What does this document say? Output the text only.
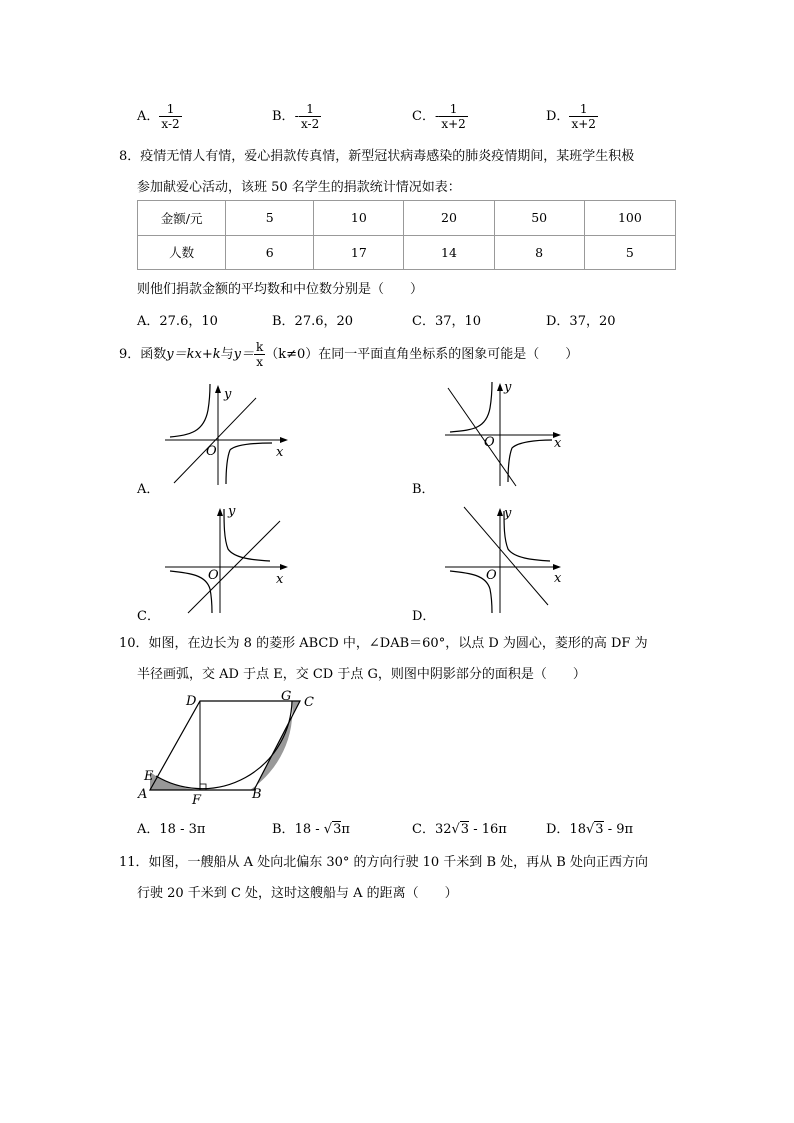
A． $\frac{1}{x-2}$	B．- $\frac{1}{x-2}$	C．- $\frac{1}{x+2}$	D． $\frac{1}{x+2}$
8．疫情无情人有情，爱心捐款传真情，新型冠状病毒感染的肺炎疫情期间，某班学生积极
参加献爱心活动，该班 50 名学生的捐款统计情况如表：
金额/元	5	10	20	50	100
人数	6	17	14	8	5
则他们捐款金额的平均数和中位数分别是（　　）
A．27.6，10	B．27.6，20	C．37，10	D．37，20
9．函数y＝kx+k与$y= \frac{k}{x} (k\ne 0)$在同一平面直角坐标系的图象可能是（　　）
y
O	x
A．
y
O	x
B．
y
O	x
C．
y
O	x
D．
10．如图，在边长为 8 的菱形 ABCD 中，∠DAB＝60°，以点 D 为圆心，菱形的高 DF 为
半径画弧，交 AD 于点 E，交 CD 于点 G，则图中阴影部分的面积是（　　）
D	G C
E
A	F	B
A．18 - 3π	B．18 - √3π	C．32√3 - 16π	D．18√3 - 9π
11．如图，一艘船从 A 处向北偏东 30° 的方向行驶 10 千米到 B 处，再从 B 处向正西方向
行驶 20 千米到 C 处，这时这艘船与 A 的距离（　　）
